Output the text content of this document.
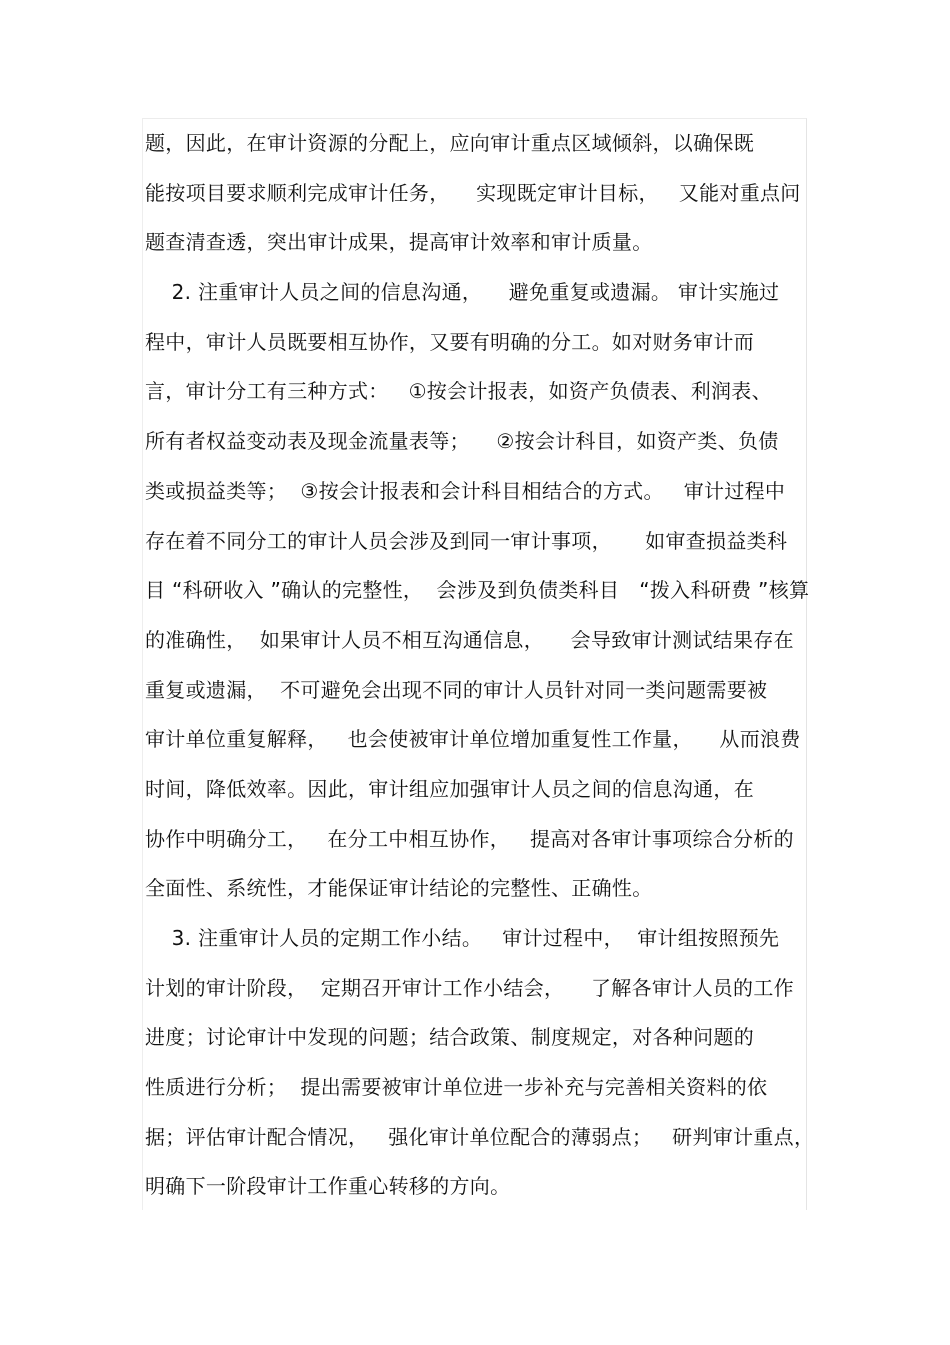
题，因此，在审计资源的分配上，应向审计重点区域倾斜，以确保既
能按项目要求顺利完成审计任务，    实现既定审计目标，   又能对重点问
题查清查透，突出审计成果，提高审计效率和审计质量。
2. 注重审计人员之间的信息沟通，    避免重复或遗漏。 审计实施过
程中，审计人员既要相互协作，又要有明确的分工。如对财务审计而
言，审计分工有三种方式：   ①按会计报表，如资产负债表、利润表、
所有者权益变动表及现金流量表等；    ②按会计科目，如资产类、负债
类或损益类等；  ③按会计报表和会计科目相结合的方式。   审计过程中
存在着不同分工的审计人员会涉及到同一审计事项，     如审查损益类科
目 “科研收入 ”确认的完整性，  会涉及到负债类科目   “拨入科研费 ”核算
的准确性，  如果审计人员不相互沟通信息，    会导致审计测试结果存在
重复或遗漏，  不可避免会出现不同的审计人员针对同一类问题需要被
审计单位重复解释，   也会使被审计单位增加重复性工作量，    从而浪费
时间，降低效率。因此，审计组应加强审计人员之间的信息沟通，在
协作中明确分工，   在分工中相互协作，   提高对各审计事项综合分析的
全面性、系统性，才能保证审计结论的完整性、正确性。
3. 注重审计人员的定期工作小结。   审计过程中，  审计组按照预先
计划的审计阶段，  定期召开审计工作小结会，    了解各审计人员的工作
进度；讨论审计中发现的问题；结合政策、制度规定，对各种问题的
性质进行分析；  提出需要被审计单位进一步补充与完善相关资料的依
据；评估审计配合情况，   强化审计单位配合的薄弱点；   研判审计重点，
明确下一阶段审计工作重心转移的方向。
